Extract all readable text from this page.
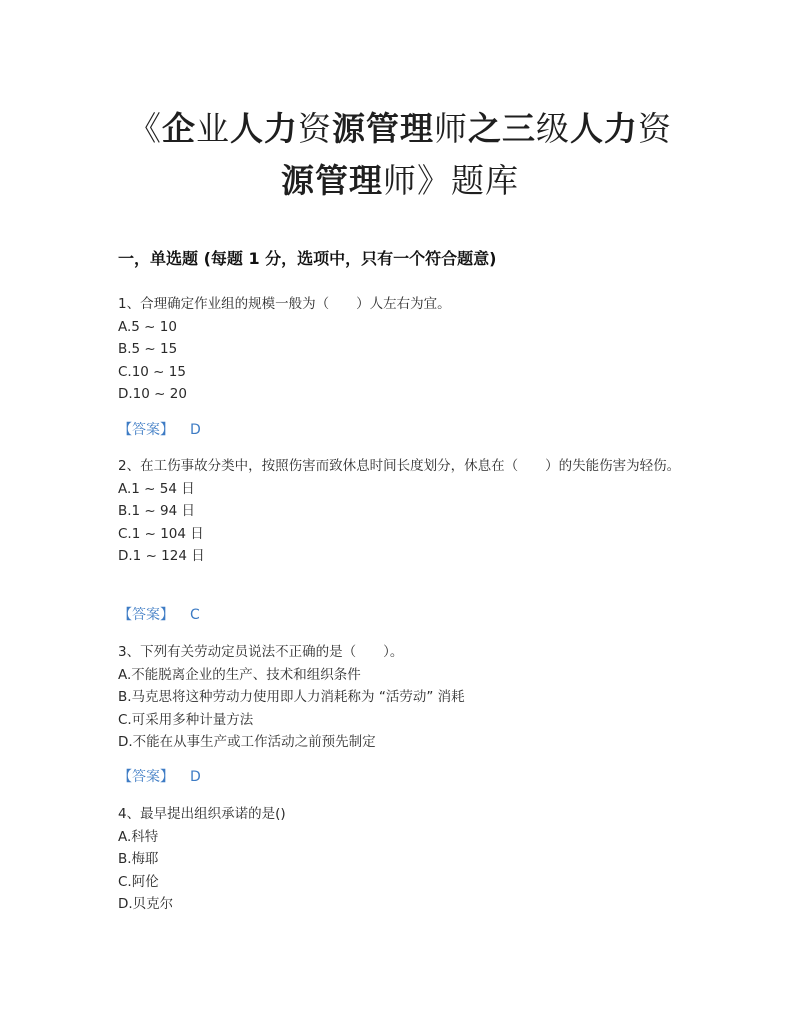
《企业人力资源管理师之三级人力资
源管理师》题库
一，单选题 (每题 1 分，选项中，只有一个符合题意)
1、合理确定作业组的规模一般为（　　）人左右为宜。
A.5 ~ 10
B.5 ~ 15
C.10 ~ 15
D.10 ~ 20
【答案】 D
2、在工伤事故分类中，按照伤害而致休息时间长度划分，休息在（　　）的失能伤害为轻伤。
A.1 ~ 54 日
B.1 ~ 94 日
C.1 ~ 104 日
D.1 ~ 124 日
【答案】 C
3、下列有关劳动定员说法不正确的是（　　）。
A.不能脱离企业的生产、技术和组织条件
B.马克思将这种劳动力使用即人力消耗称为 “活劳动” 消耗
C.可采用多种计量方法
D.不能在从事生产或工作活动之前预先制定
【答案】 D
4、最早提出组织承诺的是()
A.科特
B.梅耶
C.阿伦
D.贝克尔
